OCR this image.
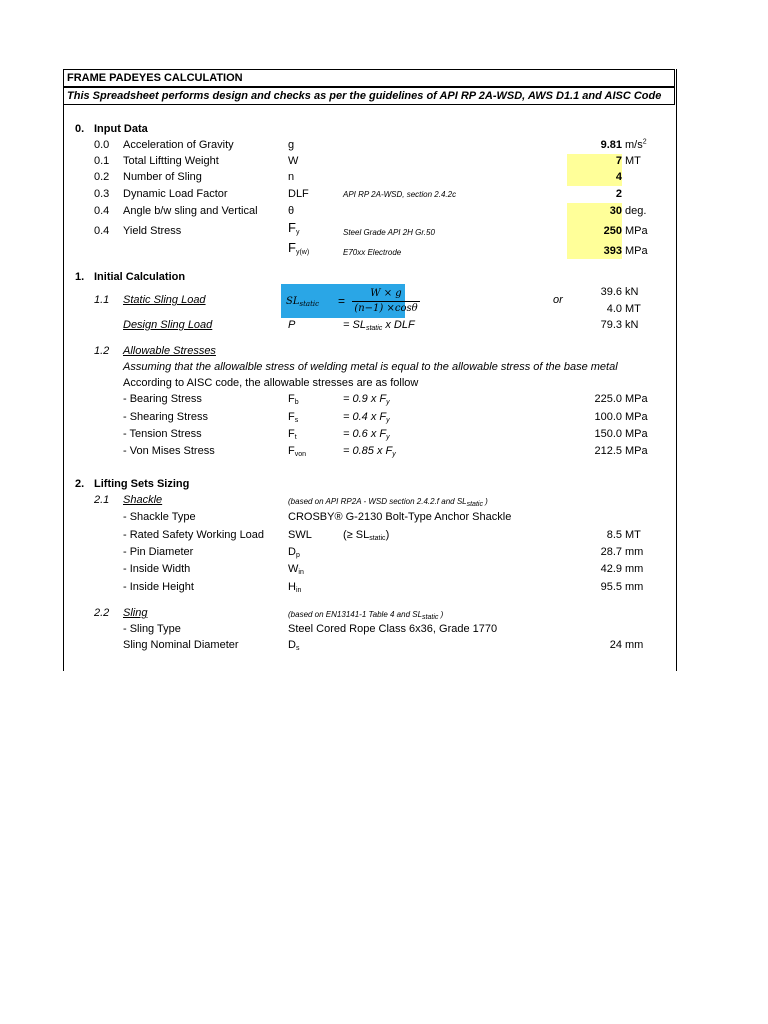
FRAME PADEYES CALCULATION
This Spreadsheet performs design and checks as per the guidelines of API RP 2A-WSD, AWS D1.1 and AISC Code
0. Input Data
0.0 Acceleration of Gravity	g	9.81 $m/s^2$
0.1 Total Liftting Weight	W	7 MT
0.2 Number of Sling	n	4
0.3 Dynamic Load Factor	DLF	API RP 2A-WSD, section 2.4.2c	2
0.4 Angle b/w sling and Vertical	θ	30 deg.
0.4 Yield Stress	$F_y$	Steel Grade API 2H Gr.50	250 MPa
$F_{y(w)}$	E70xx Electrode	393 MPa
1. Initial Calculation
1.1 Static Sling Load	$SL_{static}$ =
W × g
(n−1) ×cosθ
or
39.6 kN
4.0 MT
Design Sling Load	P	= $SL_{static}$ x DLF	79.3 kN
1.2 Allowable Stresses
Assuming that the allowalble stress of welding metal is equal to the allowable stress of the base metal
According to AISC code, the allowable stresses are as follow
- Bearing Stress	$F_b$	= 0.9 x $F_y$	225.0 MPa
- Shearing Stress	$F_s$	= 0.4 x $F_y$	100.0 MPa
- Tension Stress	$F_t$	= 0.6 x $F_y$	150.0 MPa
- Von Mises Stress	$F_{von}$	= 0.85 x $F_y$	212.5 MPa
2. Lifting Sets Sizing
2.1 Shackle	(based on API RP2A - WSD section 2.4.2.f and $SL_{static}$ )
- Shackle Type	CROSBY® G-2130 Bolt-Type Anchor Shackle
- Rated Safety Working Load SWL	(≥ $SL_{static}$)	8.5 MT
- Pin Diameter	$D_p$	28.7 mm
- Inside Width	$W_{in}$	42.9 mm
- Inside Height	$H_{in}$	95.5 mm
2.2 Sling	(based on EN13141-1 Table 4 and $SL_{static}$ )
- Sling Type	Steel Cored Rope Class 6x36, Grade 1770
Sling Nominal Diameter	$D_s$	24 mm
